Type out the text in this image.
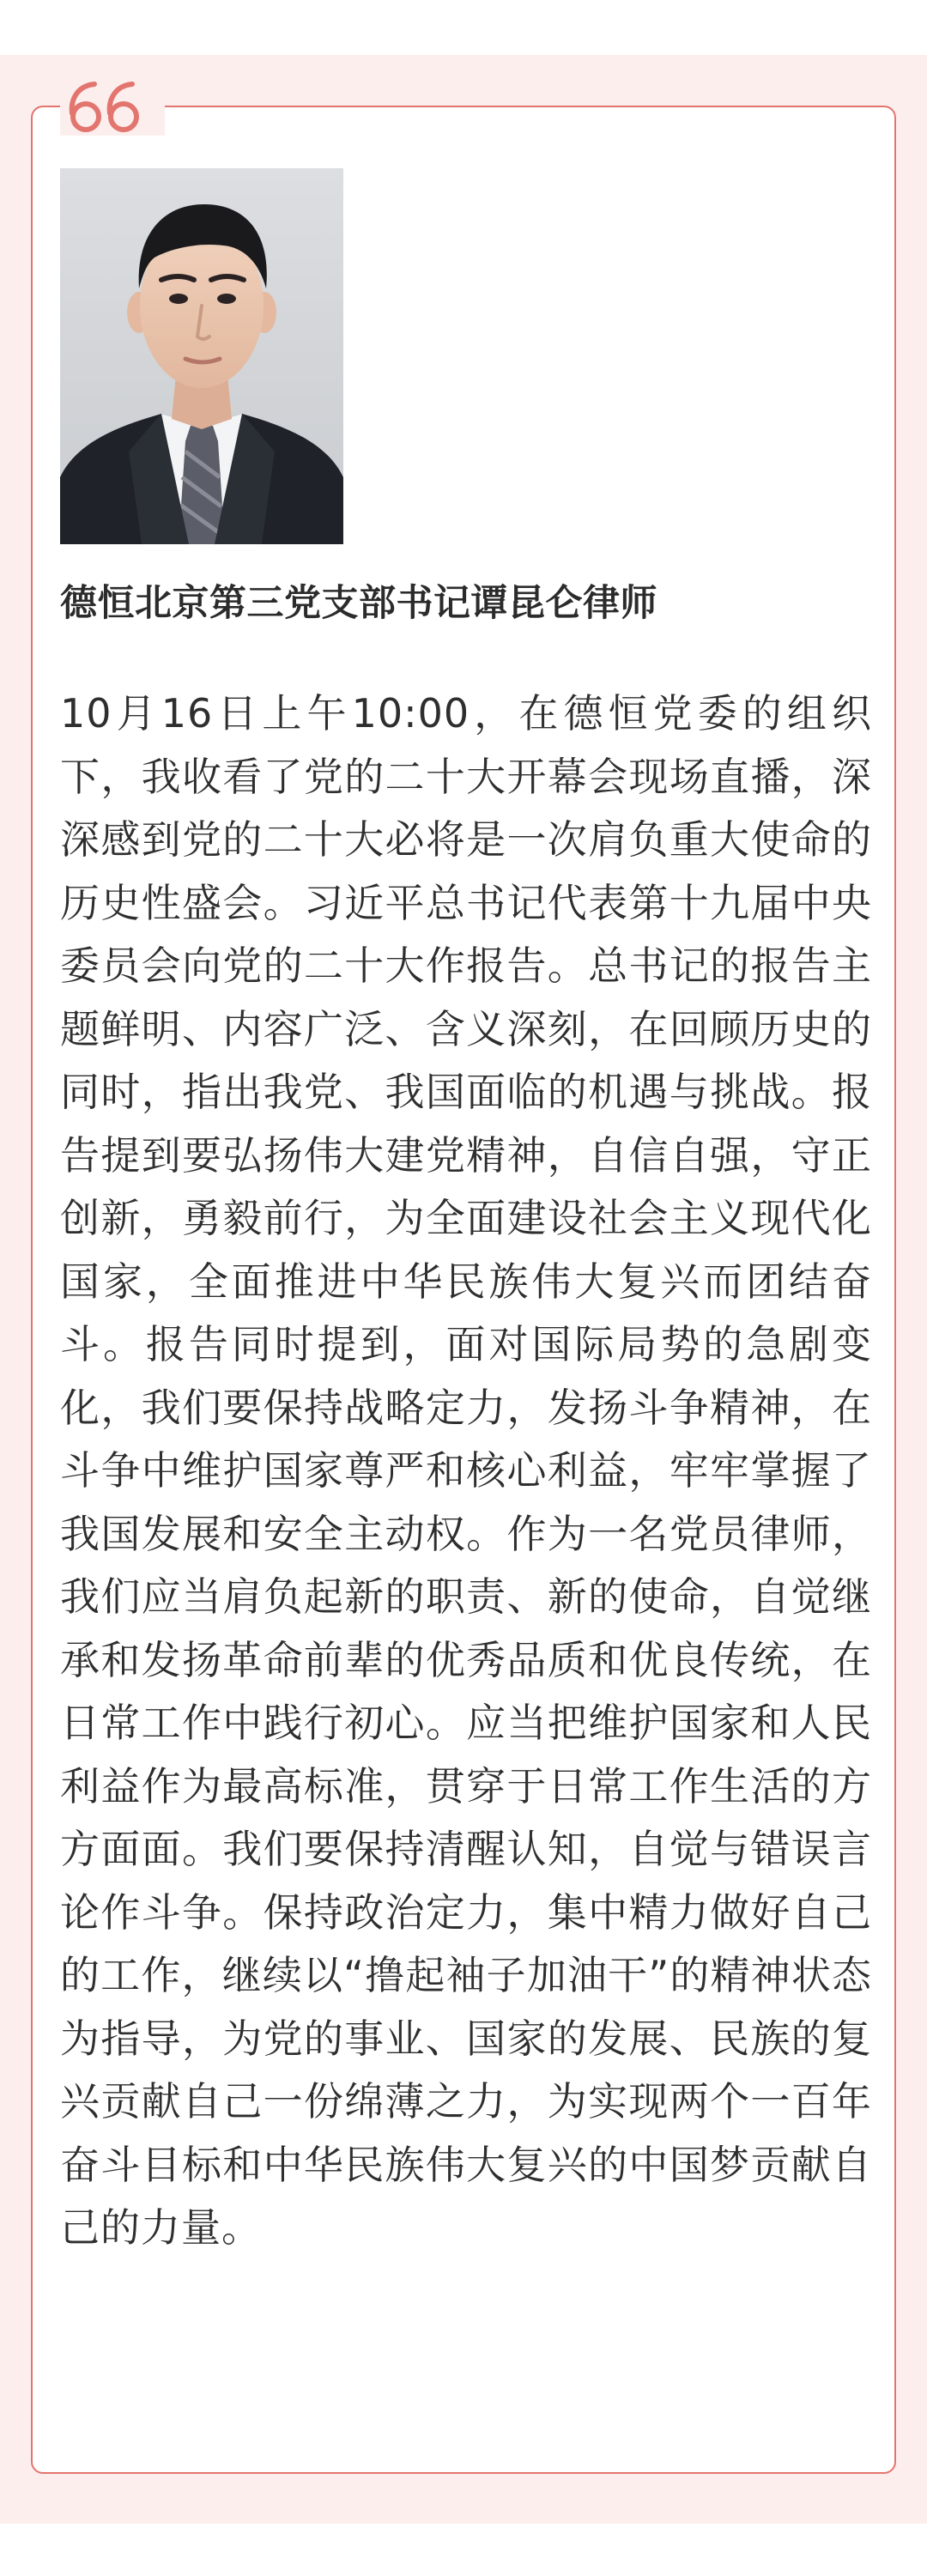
德恒北京第三党支部书记谭昆仑律师

10月16日上午10:00，在德恒党委的组织下，我收看了党的二十大开幕会现场直播，深深感到党的二十大必将是一次肩负重大使命的历史性盛会。习近平总书记代表第十九届中央委员会向党的二十大作报告。总书记的报告主题鲜明、内容广泛、含义深刻，在回顾历史的同时，指出我党、我国面临的机遇与挑战。报告提到要弘扬伟大建党精神，自信自强，守正创新，勇毅前行，为全面建设社会主义现代化国家，全面推进中华民族伟大复兴而团结奋斗。报告同时提到，面对国际局势的急剧变化，我们要保持战略定力，发扬斗争精神，在斗争中维护国家尊严和核心利益，牢牢掌握了我国发展和安全主动权。作为一名党员律师，我们应当肩负起新的职责、新的使命，自觉继承和发扬革命前辈的优秀品质和优良传统，在日常工作中践行初心。应当把维护国家和人民利益作为最高标准，贯穿于日常工作生活的方方面面。我们要保持清醒认知，自觉与错误言论作斗争。保持政治定力，集中精力做好自己的工作，继续以“撸起袖子加油干”的精神状态为指导，为党的事业、国家的发展、民族的复兴贡献自己一份绵薄之力，为实现两个一百年奋斗目标和中华民族伟大复兴的中国梦贡献自己的力量。
